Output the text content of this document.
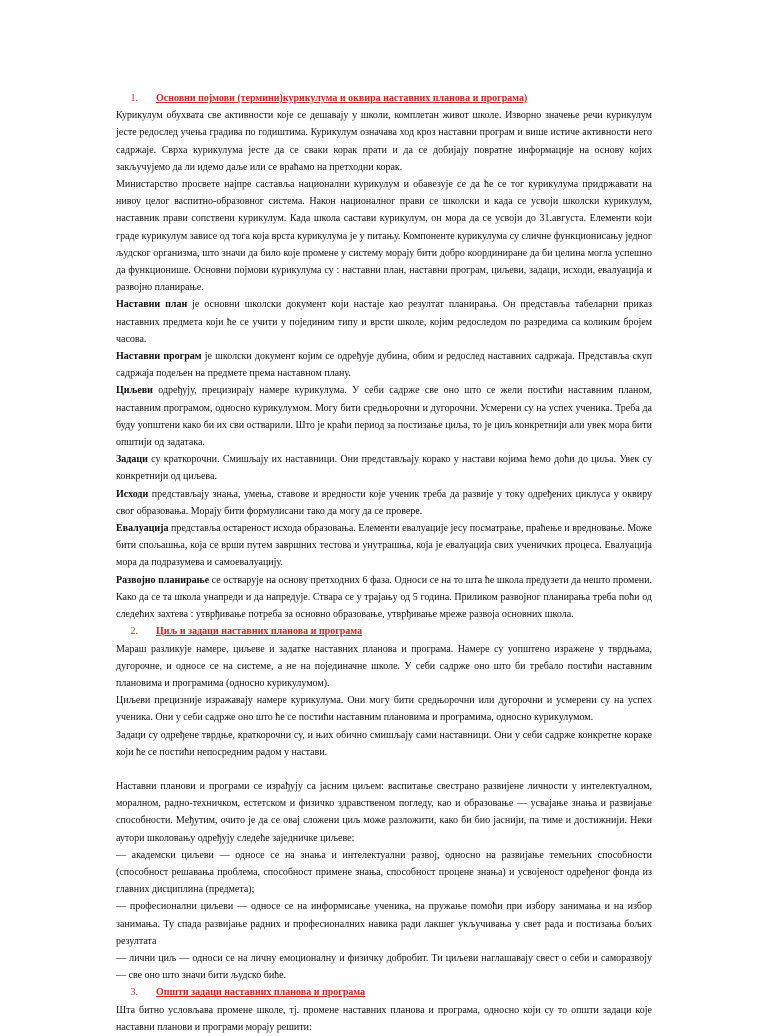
1. Основни појмови (термини)курикулума и оквира наставних планова и програма)

Курикулум обухвата све активности које се дешавају у школи, комплетан живот школе. Изворно значење речи курикулум јесте редослед учења градива по годиштима. Курикулум означава ход кроз наставни програм и више истиче активности него садржаје. Сврха курикулума јесте да се сваки корак прати и да се добијају повратне информације на основу којих закључујемо да ли идемо даље или се враћамо на претходни корак.

Министарство просвете најпре саставља национални курикулум и обавезује се да ће се тог курикулума придржавати на нивоу целог васпитно-образовног система. Након националног прави се школски и када се усвоји школски курикулум, наставник прави сопствени курикулум. Када школа састави курикулум, он мора да се усвоји до 31.августа. Елементи који граде курикулум зависе од тога која врста курикулума је у питању. Компоненте курикулума су сличне функционисању једног људског организма, што значи да било које промене у систему морају бити добро координиране да би целина могла успешно да функционише. Основни појмови курикулума су : наставни план, наставни програм, циљеви, задаци, исходи, евалуација и развојно планирање.

Наставни план је основни школски документ који настаје као резултат планирања. Он представља табеларни приказ наставних предмета који ће се учити у појединим типу и врсти школе, којим редоследом по разредима са коликим бројем часова.

Наставни програм је школски документ којим се одређује дубина, обим и редослед наставних садржаја. Представља скуп садржаја подељен на предмете према наставном плану.

Циљеви одређују, прецизирају намере курикулума. У себи садрже све оно што се жели постићи наставним планом, наставним програмом, односно курикулумом. Могу бити средњорочни и дугорочни. Усмерени су на успех ученика. Треба да буду уопштени како би их сви остварили. Што је краћи период за постизање циља, то је циљ конкретнији али увек мора бити општији од задатака.

Задаци су краткорочни. Смишљају их наставници. Они представљају корако у настави којима ћемо доћи до циља. Увек су конкретнији од циљева.

Исходи представљају знања, умења, ставове и вредности које ученик треба да развије у току одређених циклуса у оквиру свог образовања. Морају бити формулисани тако да могу да се провере.

Евалуација представља остареност исхода образовања. Елементи евалуације јесу посматрање, праћење и вредновање. Може бити спољашња, која се врши путем завршних тестова и унутрашња, која је евалуација свих ученичких процеса. Евалуација мора да подразумева и самоевалуацију.

Развојно планирање се остварује на основу претходних 6 фаза. Односи се на то шта ће школа предузети да нешто промени. Како да се та школа унапреди и да напредује. Ствара се у трајању од 5 година. Приликом развојног планирања треба поћи од следећих захтева : утврђивање потреба за основно образовање, утврђивање мреже развоја основних школа.

2. Циљ и задаци наставних планова и програма

Мараш разликује намере, циљеве и задатке наставних планова и програма. Намере су уопштено изражене у тврдњама, дугорочне, и односе се на системе, а не на појединачне школе. У себи садрже оно што би требало постићи наставним плановима и програмима (односно курикулумом).

Циљеви прецизније изражавају намере курикулума. Они могу бити средњорочни или дугорочни и усмерени су на успех ученика. Они у себи садрже оно што ће се постићи наставним плановима и програмима, односно курикулумом.

Задаци су одређене тврдње, краткорочни су, и њих обично смишљају сами наставници. Они у себи садрже конкретне кораке који ће се постићи непосредним радом у настави.

Наставни планови и програми се израђују са јасним циљем: васпитање свестрано развијене личности у интелектуалном, моралном, радно-техничком, естетском и физичко здравственом погледу, као и образовање — усвајање знања и развијање способности. Међутим, очито је да се овај сложени циљ може разложити, како би био јаснији, па тиме и достижнији. Неки аутори школовању одређују следеће заједничке циљеве:

— академски циљеви — односе се на знања и интелектуални развој, односно на развијање темељних способности (способност решавања проблема, способност примене знања, способност процене знања) и усвојеност одређеног фонда из главних дисциплина (предмета);

— професионални циљеви — односе се на информисање ученика, на пружање помоћи при избору занимања и на избор занимања. Ту спада развијање радних и професионалних навика ради лакшег укључивања у свет рада и постизања бољих резултата

— лични циљ — односи се на личну емоционалну и физичку добробит. Ти циљеви наглашавају свест о себи и саморазвоју — све оно што значи бити људско биће.

3. Општи задаци наставних планова и програма

Шта битно условљава промене школе, тј. промене наставних планова и програма, односно који су то општи задаци које наставни планови и програми морају решити:
